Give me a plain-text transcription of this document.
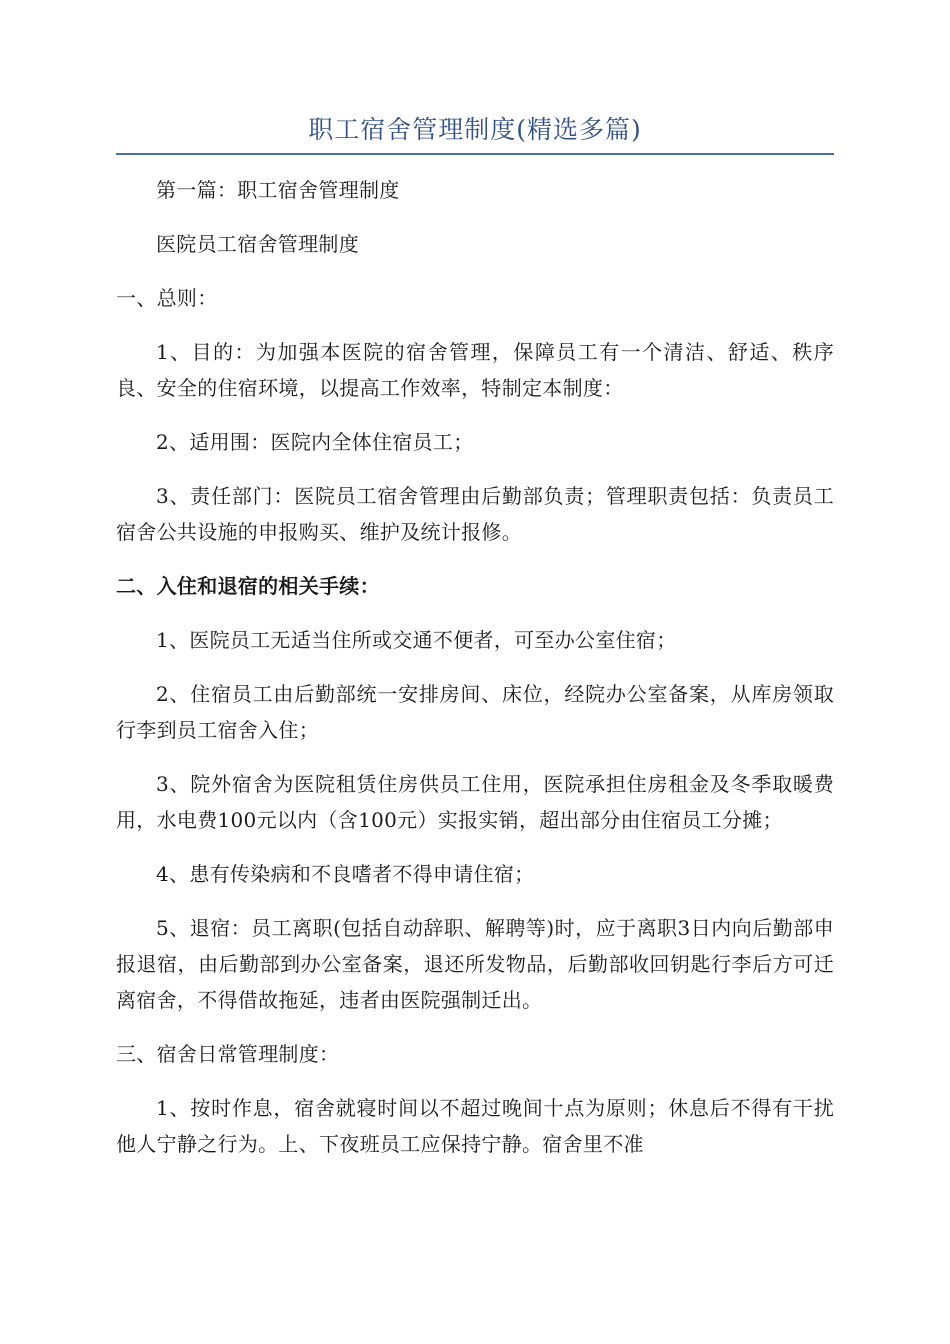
职工宿舍管理制度(精选多篇)

第一篇：职工宿舍管理制度

医院员工宿舍管理制度

一、总则：

1、目的：为加强本医院的宿舍管理，保障员工有一个清洁、舒适、秩序良、安全的住宿环境，以提高工作效率，特制定本制度：

2、适用围：医院内全体住宿员工；

3、责任部门：医院员工宿舍管理由后勤部负责；管理职责包括：负责员工宿舍公共设施的申报购买、维护及统计报修。

二、入住和退宿的相关手续：

1、医院员工无适当住所或交通不便者，可至办公室住宿；

2、住宿员工由后勤部统一安排房间、床位，经院办公室备案，从库房领取行李到员工宿舍入住；

3、院外宿舍为医院租赁住房供员工住用，医院承担住房租金及冬季取暖费用，水电费100元以内（含100元）实报实销，超出部分由住宿员工分摊；

4、患有传染病和不良嗜者不得申请住宿；

5、退宿：员工离职(包括自动辞职、解聘等)时，应于离职3日内向后勤部申报退宿，由后勤部到办公室备案，退还所发物品，后勤部收回钥匙行李后方可迁离宿舍，不得借故拖延，违者由医院强制迁出。

三、宿舍日常管理制度：

1、按时作息，宿舍就寝时间以不超过晚间十点为原则；休息后不得有干扰他人宁静之行为。上、下夜班员工应保持宁静。宿舍里不准
